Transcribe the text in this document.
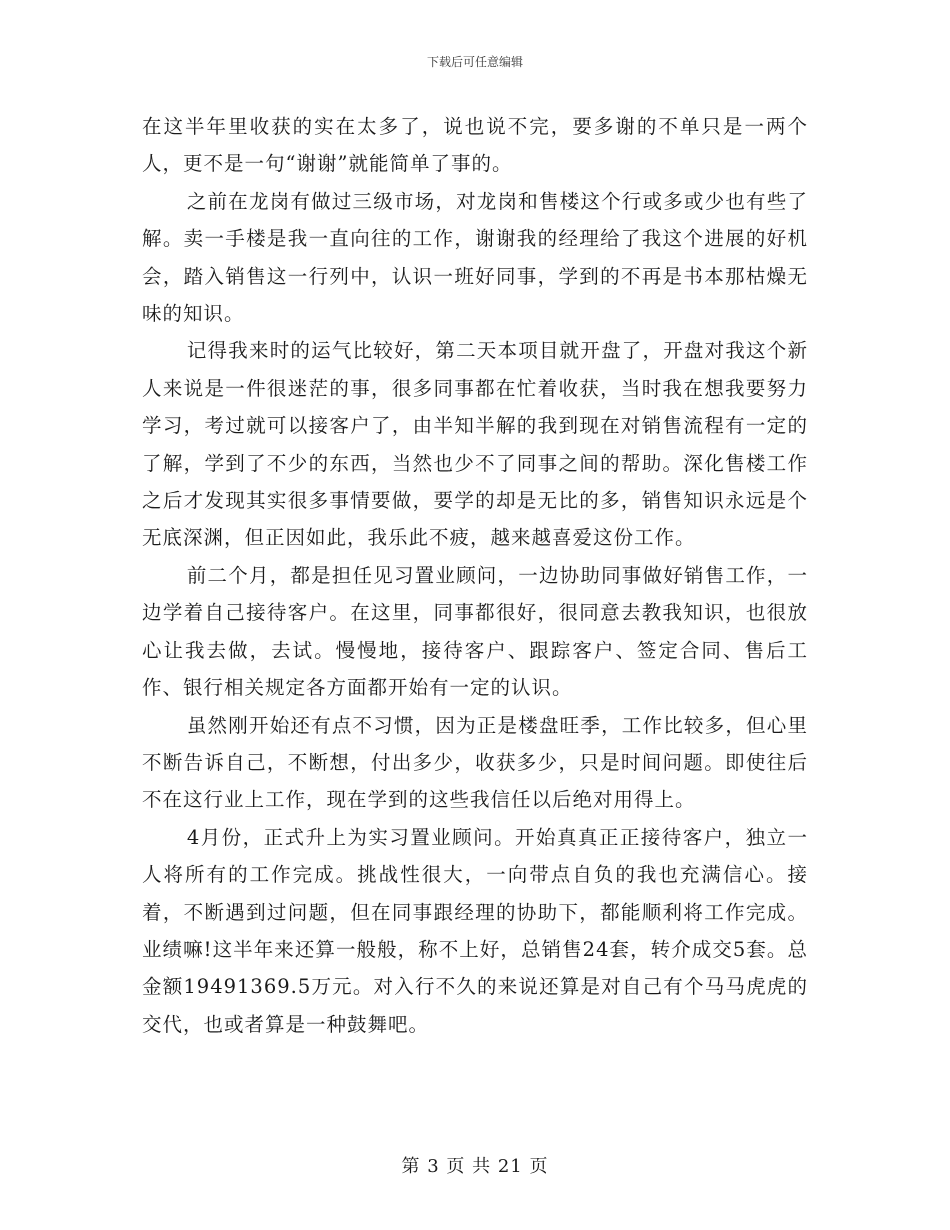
下载后可任意编辑

在这半年里收获的实在太多了，说也说不完，要多谢的不单只是一两个人，更不是一句“谢谢”就能简单了事的。

之前在龙岗有做过三级市场，对龙岗和售楼这个行或多或少也有些了解。卖一手楼是我一直向往的工作，谢谢我的经理给了我这个进展的好机会，踏入销售这一行列中，认识一班好同事，学到的不再是书本那枯燥无味的知识。

记得我来时的运气比较好，第二天本项目就开盘了，开盘对我这个新人来说是一件很迷茫的事，很多同事都在忙着收获，当时我在想我要努力学习，考过就可以接客户了，由半知半解的我到现在对销售流程有一定的了解，学到了不少的东西，当然也少不了同事之间的帮助。深化售楼工作之后才发现其实很多事情要做，要学的却是无比的多，销售知识永远是个无底深渊，但正因如此，我乐此不疲，越来越喜爱这份工作。

前二个月，都是担任见习置业顾问，一边协助同事做好销售工作，一边学着自己接待客户。在这里，同事都很好，很同意去教我知识，也很放心让我去做，去试。慢慢地，接待客户、跟踪客户、签定合同、售后工作、银行相关规定各方面都开始有一定的认识。

虽然刚开始还有点不习惯，因为正是楼盘旺季，工作比较多，但心里不断告诉自己，不断想，付出多少，收获多少，只是时间问题。即使往后不在这行业上工作，现在学到的这些我信任以后绝对用得上。

4月份，正式升上为实习置业顾问。开始真真正正接待客户，独立一人将所有的工作完成。挑战性很大，一向带点自负的我也充满信心。接着，不断遇到过问题，但在同事跟经理的协助下，都能顺利将工作完成。业绩嘛!这半年来还算一般般，称不上好，总销售24套，转介成交5套。总金额19491369.5万元。对入行不久的来说还算是对自己有个马马虎虎的交代，也或者算是一种鼓舞吧。

第 3 页 共 21 页
